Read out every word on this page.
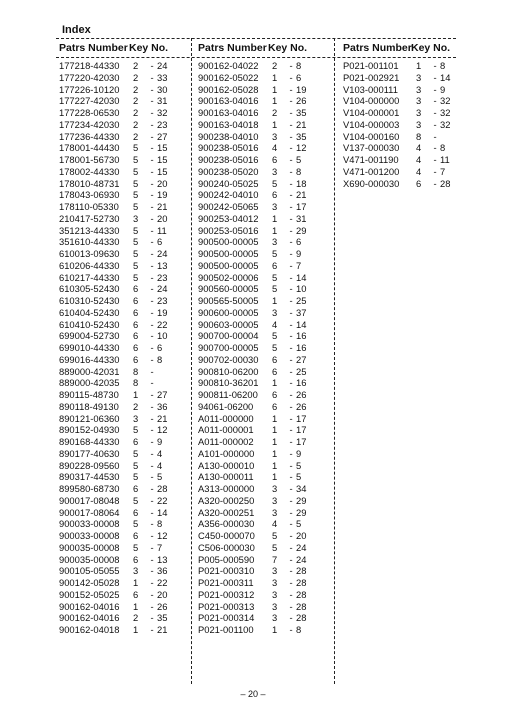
Index
Patrs Number Key No.
177218-44330	2	- 24
177220-42030	2	- 33
177226-10120	2	- 30
177227-42030	2	- 31
177228-06530	2	- 32
177234-42030	2	- 23
177236-44330	2	- 27
178001-44430	5	- 15
178001-56730	5	- 15
178002-44330	5	- 15
178010-48731	5	- 20
178043-06930	5	- 19
178110-05330	5	- 21
210417-52730	3	- 20
351213-44330	5	- 11
351610-44330	5	- 6
610013-09630	5	- 24
610206-44330	5	- 13
610217-44330	5	- 23
610305-52430	6	- 24
610310-52430	6	- 23
610404-52430	6	- 19
610410-52430	6	- 22
699004-52730	6	- 10
699010-44330	6	- 6
699016-44330	6	- 8
889000-42031	8	-
889000-42035	8	-
890115-48730	1	- 27
890118-49130	2	- 36
890121-06360	3	- 21
890152-04930	5	- 12
890168-44330	6	- 9
890177-40630	5	- 4
890228-09560	5	- 4
890317-44530	5	- 5
899580-68730	6	- 28
900017-08048	5	- 22
900017-08064	6	- 14
900033-00008	5	- 8
900033-00008	6	- 12
900035-00008	5	- 7
900035-00008	6	- 13
900105-05055	3	- 36
900142-05028	1	- 22
900152-05025	6	- 20
900162-04016	1	- 26
900162-04016	2	- 35
900162-04018	1	- 21
Patrs Number Key No.
900162-04022	2	- 8
900162-05022	1	- 6
900162-05028	1	- 19
900163-04016	1	- 26
900163-04016	2	- 35
900163-04018	1	- 21
900238-04010	3	- 35
900238-05016	4	- 12
900238-05016	6	- 5
900238-05020	3	- 8
900240-05025	5	- 18
900242-04010	6	- 21
900242-05065	3	- 17
900253-04012	1	- 31
900253-05016	1	- 29
900500-00005	3	- 6
900500-00005	5	- 9
900500-00005	6	- 7
900502-00006	5	- 14
900560-00005	5	- 10
900565-50005	1	- 25
900600-00005	3	- 37
900603-00005	4	- 14
900700-00004	5	- 16
900700-00005	5	- 16
900702-00030	6	- 27
900810-06200	6	- 25
900810-36201	1	- 16
900811-06200	6	- 26
94061-06200	6	- 26
A011-000000	1	- 17
A011-000001	1	- 17
A011-000002	1	- 17
A101-000000	1	- 9
A130-000010	1	- 5
A130-000011	1	- 5
A313-000000	3	- 34
A320-000250	3	- 29
A320-000251	3	- 29
A356-000030	4	- 5
C450-000070	5	- 20
C506-000030	5	- 24
P005-000590	7	- 24
P021-000310	3	- 28
P021-000311	3	- 28
P021-000312	3	- 28
P021-000313	3	- 28
P021-000314	3	- 28
P021-001100	1	- 8
Patrs Number Key No.
P021-001101	1	- 8
P021-002921	3	- 14
V103-000111	3	- 9
V104-000000	3	- 32
V104-000001	3	- 32
V104-000003	3	- 32
V104-000160	8	-
V137-000030	4	- 8
V471-001190	4	- 11
V471-001200	4	- 7
X690-000030	6	- 28
– 20 –
